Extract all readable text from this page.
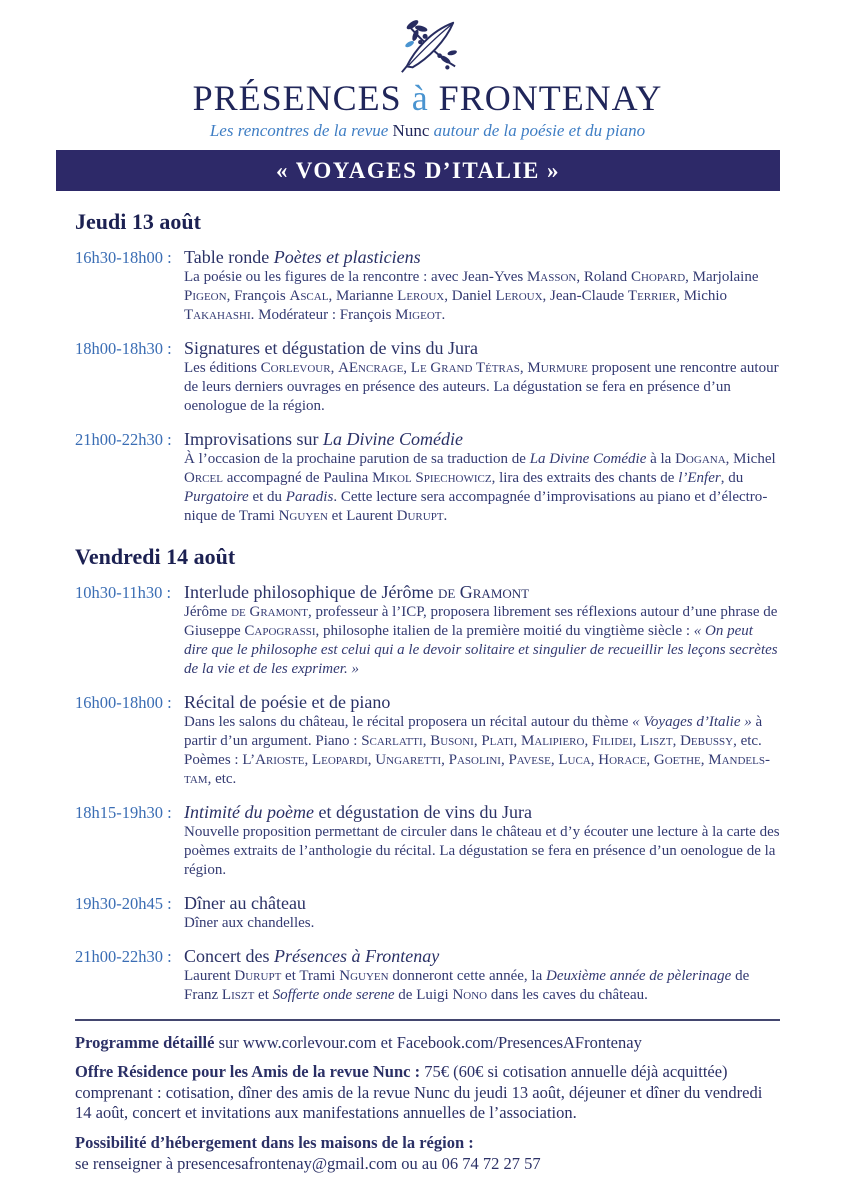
PRÉSENCES à FRONTENAY
Les rencontres de la revue Nunc autour de la poésie et du piano
« VOYAGES D’ITALIE »
Jeudi 13 août
16h30-18h00 : Table ronde Poètes et plasticiens
La poésie ou les figures de la rencontre : avec Jean-Yves Masson, Roland Chopard, Marjolaine Pigeon, François Ascal, Marianne Leroux, Daniel Leroux, Jean-Claude Terrier, Michio Takahashi. Modérateur : François Migeot.
18h00-18h30 : Signatures et dégustation de vins du Jura
Les éditions Corlevour, AEncrage, Le Grand Tétras, Murmure proposent une rencontre autour de leurs derniers ouvrages en présence des auteurs. La dégustation se fera en présence d’un oenologue de la région.
21h00-22h30 : Improvisations sur La Divine Comédie
À l’occasion de la prochaine parution de sa traduction de La Divine Comédie à la Dogana, Michel Orcel accompagné de Paulina Mikol Spiechowicz, lira des extraits des chants de l’Enfer, du Purgatoire et du Paradis. Cette lecture sera accompagnée d’improvisations au piano et d’électronique de Trami Nguyen et Laurent Durupt.
Vendredi 14 août
10h30-11h30 : Interlude philosophique de Jérôme de Gramont
Jérôme de Gramont, professeur à l’ICP, proposera librement ses réflexions autour d’une phrase de Giuseppe Capograssi, philosophe italien de la première moitié du vingtième siècle : « On peut dire que le philosophe est celui qui a le devoir solitaire et singulier de recueillir les leçons secrètes de la vie et de les exprimer. »
16h00-18h00 : Récital de poésie et de piano
Dans les salons du château, le récital proposera un récital autour du thème « Voyages d’Italie » à partir d’un argument. Piano : Scarlatti, Busoni, Plati, Malipiero, Filidei, Liszt, Debussy, etc. Poèmes : L’Arioste, Leopardi, Ungaretti, Pasolini, Pavese, Luca, Horace, Goethe, Mandelstam, etc.
18h15-19h30 : Intimité du poème et dégustation de vins du Jura
Nouvelle proposition permettant de circuler dans le château et d’y écouter une lecture à la carte des poèmes extraits de l’anthologie du récital. La dégustation se fera en présence d’un oenologue de la région.
19h30-20h45 : Dîner au château
Dîner aux chandelles.
21h00-22h30 : Concert des Présences à Frontenay
Laurent Durupt et Trami Nguyen donneront cette année, la Deuxième année de pèlerinage de Franz Liszt et Sofferte onde serene de Luigi Nono dans les caves du château.

Programme détaillé sur www.corlevour.com et Facebook.com/PresencesAFrontenay

Offre Résidence pour les Amis de la revue Nunc : 75€ (60€ si cotisation annuelle déjà acquittée) comprenant : cotisation, dîner des amis de la revue Nunc du jeudi 13 août, déjeuner et dîner du vendredi 14 août, concert et invitations aux manifestations annuelles de l’association.

Possibilité d’hébergement dans les maisons de la région :

se renseigner à presencesafrontenay@gmail.com ou au 06 74 72 27 57
